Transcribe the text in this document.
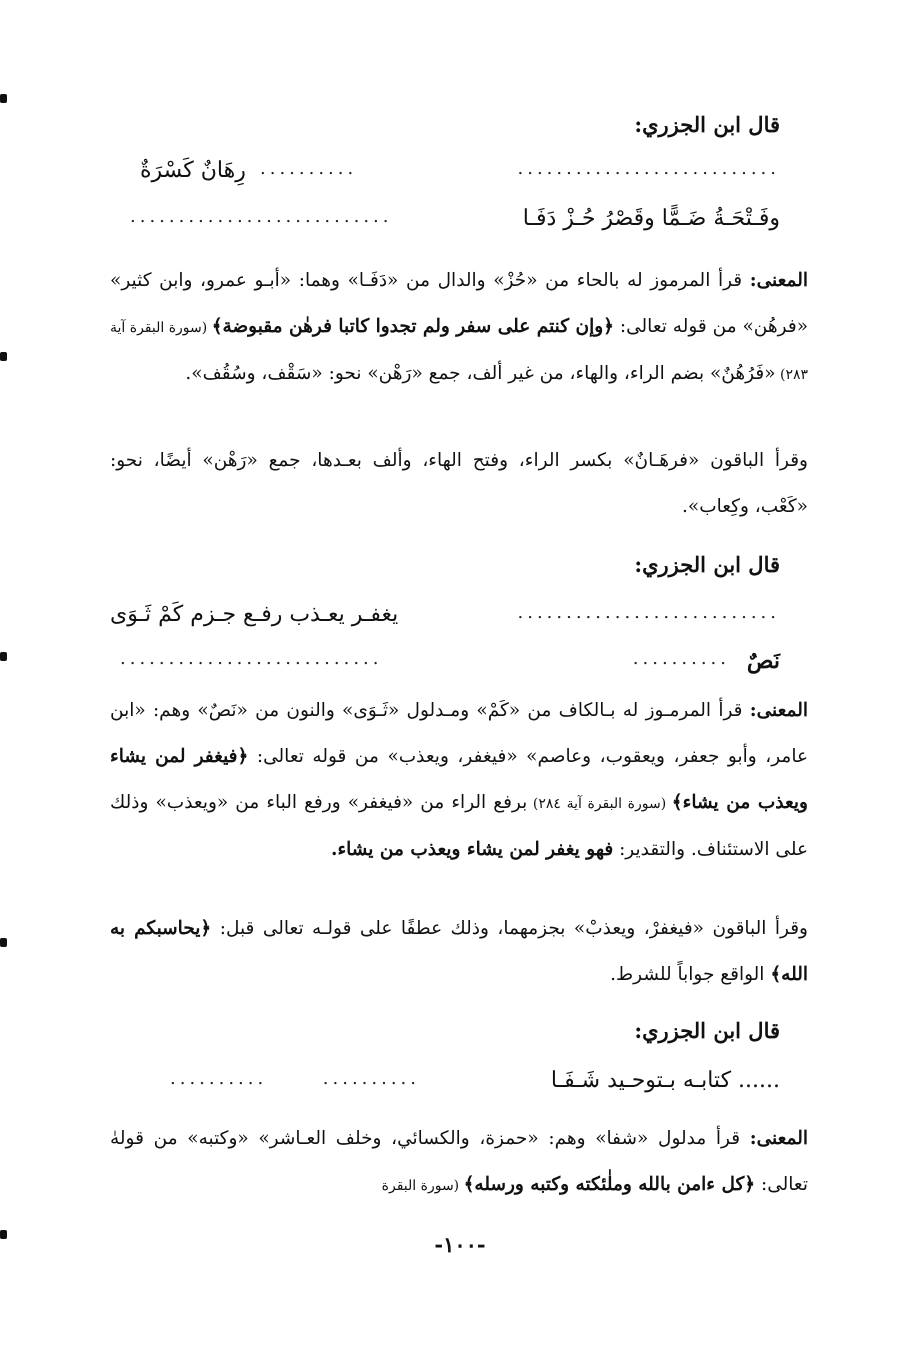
قال ابن الجزري:
...........................
رِهَانٌ كَسْرَةٌ ..........
وفَـتْحَـةُ ضَـمًّا وقَصْرُ حُـزْ دَفَـا
...........................
المعنى: قرأ المرموز له بالحاء من «حُزْ» والدال من «دَفَـا» وهما: «أبـو عمرو، وابن كثير» «فرهُن» من قوله تعالى: ﴿وإن كنتم على سفر ولم تجدوا كاتبا فرهٰن مقبوضة﴾ (سورة البقرة آية ٢٨٣) «فَرُهُنٌ» بضم الراء، والهاء، من غير ألف، جمع «رَهْن» نحو: «سَقْف، وسُقُف».
وقرأ الباقون «فرهَـانٌ» بكسر الراء، وفتح الهاء، وألف بعـدها، جمع «رَهْن» أيضًا، نحو: «كَعْب، وكِعاب».
قال ابن الجزري:
...........................
يغفـر يعـذب رفـع جـزم كَمْ ثَـوَى
نَصٌ
..........
...........................
المعنى: قرأ المرمـوز له بـالكاف من «كَمْ» ومـدلول «ثَـوَى» والنون من «نَصٌ» وهم: «ابن عامر، وأبو جعفر، ويعقوب، وعاصم» «فيغفر، ويعذب» من قوله تعالى: ﴿فيغفر لمن يشاء ويعذب من يشاء﴾ (سورة البقرة آية ٢٨٤) برفع الراء من «فيغفر» ورفع الباء من «ويعذب» وذلك على الاستئناف. والتقدير: فهو يغفر لمن يشاء ويعذب من يشاء.
وقرأ الباقون «فيغفرْ، ويعذبْ» بجزمهما، وذلك عطفًا على قولـه تعالى قبل: ﴿يحاسبكم به الله﴾ الواقع جواباً للشرط.
قال ابن الجزري:
...... كتابـه بـتوحـيد شَـفَـا
..........
..........
المعنى: قرأ مدلول «شفا» وهم: «حمزة، والكسائي، وخلف العـاشر» «وكتبه» من قولهٰ تعالى: ﴿كل ءامن بالله وملٰئكته وكتبه ورسله﴾ (سورة البقرة
-١٠٠-
